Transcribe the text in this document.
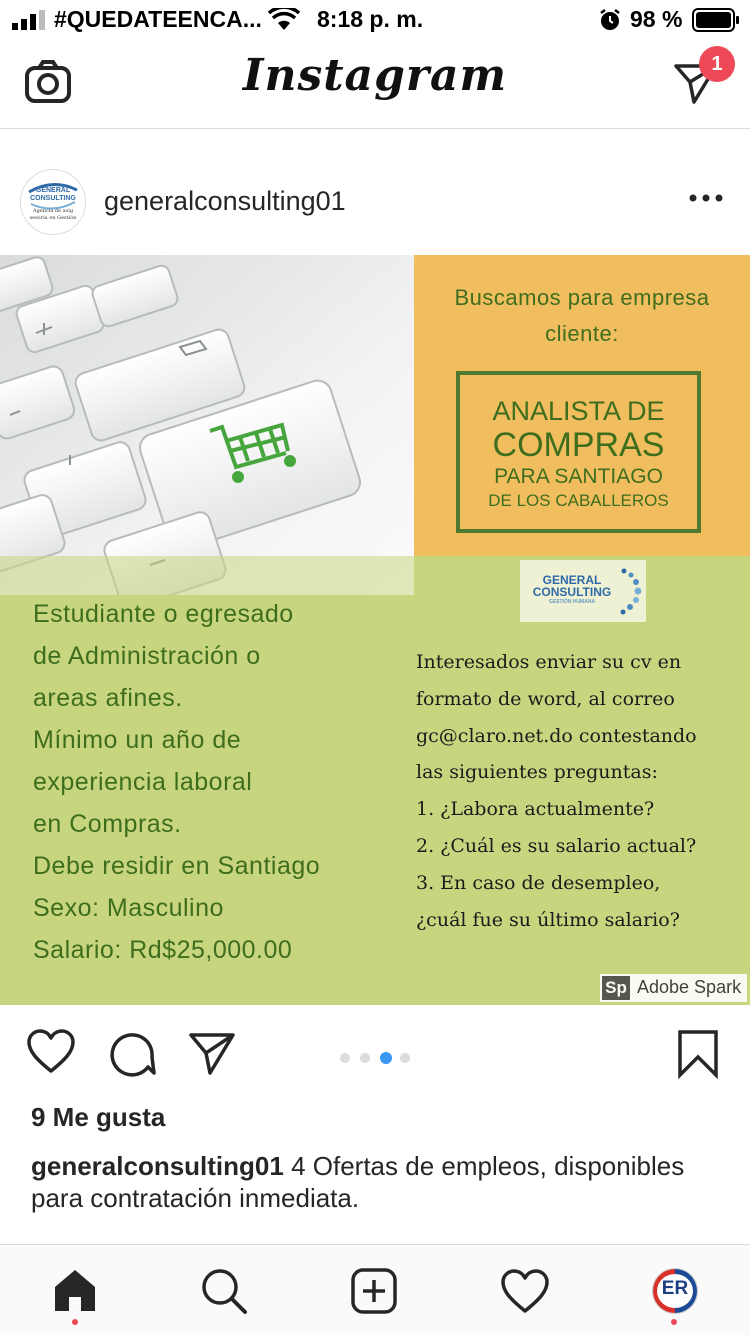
#QUEDATEENCA... 8:18 p. m.	98 %
Instagram	1
GENERAL
CONSULTING
Agencia de asig
sesoría en Gestión
generalconsulting01
Buscamos para empresa
cliente:
ANALISTA DE
COMPRAS
PARA SANTIAGO
DE LOS CABALLEROS
GENERAL
CONSULTING
GESTIÓN HUMANA
Estudiante o egresado
de Administración o
areas afines.
Mínimo un año de
experiencia laboral
en Compras.
Debe residir en Santiago
Sexo: Masculino
Salario: Rd$25,000.00
Interesados enviar su cv en
formato de word, al correo
gc@claro.net.do contestando
las siguientes preguntas:
1. ¿Labora actualmente?
2. ¿Cuál es su salario actual?
3. En caso de desempleo,
¿cuál fue su último salario?
Sp Adobe Spark
9 Me gusta
generalconsulting01 4 Ofertas de empleos, disponibles para contratación inmediata.
ER
